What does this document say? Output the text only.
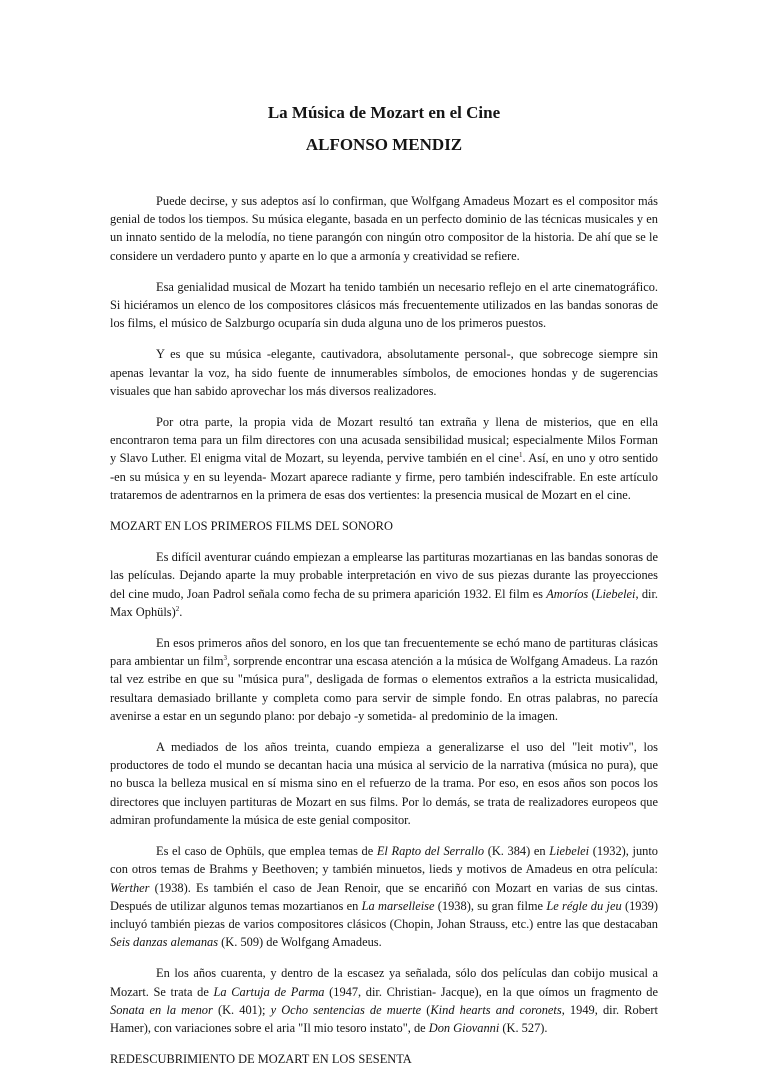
La Música de Mozart en el Cine
ALFONSO MENDIZ

Puede decirse, y sus adeptos así lo confirman, que Wolfgang Amadeus Mozart es el compositor más genial de todos los tiempos. Su música elegante, basada en un perfecto dominio de las técnicas musicales y en un innato sentido de la melodía, no tiene parangón con ningún otro compositor de la historia. De ahí que se le considere un verdadero punto y aparte en lo que a armonía y creatividad se refiere.

Esa genialidad musical de Mozart ha tenido también un necesario reflejo en el arte cinematográfico. Si hiciéramos un elenco de los compositores clásicos más frecuentemente utilizados en las bandas sonoras de los films, el músico de Salzburgo ocuparía sin duda alguna uno de los primeros puestos.

Y es que su música -elegante, cautivadora, absolutamente personal-, que sobrecoge siempre sin apenas levantar la voz, ha sido fuente de innumerables símbolos, de emociones hondas y de sugerencias visuales que han sabido aprovechar los más diversos realizadores.

Por otra parte, la propia vida de Mozart resultó tan extraña y llena de misterios, que en ella encontraron tema para un film directores con una acusada sensibilidad musical; especialmente Milos Forman y Slavo Luther. El enigma vital de Mozart, su leyenda, pervive también en el cine$^1$. Así, en uno y otro sentido -en su música y en su leyenda- Mozart aparece radiante y firme, pero también indescifrable. En este artículo trataremos de adentrarnos en la primera de esas dos vertientes: la presencia musical de Mozart en el cine.

MOZART EN LOS PRIMEROS FILMS DEL SONORO

Es difícil aventurar cuándo empiezan a emplearse las partituras mozartianas en las bandas sonoras de las películas. Dejando aparte la muy probable interpretación en vivo de sus piezas durante las proyecciones del cine mudo, Joan Padrol señala como fecha de su primera aparición 1932. El film es Amoríos (Liebelei, dir. Max Ophüls)$^2$.

En esos primeros años del sonoro, en los que tan frecuentemente se echó mano de partituras clásicas para ambientar un film$^3$, sorprende encontrar una escasa atención a la música de Wolfgang Amadeus. La razón tal vez estribe en que su "música pura", desligada de formas o elementos extraños a la estricta musicalidad, resultara demasiado brillante y completa como para servir de simple fondo. En otras palabras, no parecía avenirse a estar en un segundo plano: por debajo -y sometida- al predominio de la imagen.

A mediados de los años treinta, cuando empieza a generalizarse el uso del "leit motiv", los productores de todo el mundo se decantan hacia una música al servicio de la narrativa (música no pura), que no busca la belleza musical en sí misma sino en el refuerzo de la trama. Por eso, en esos años son pocos los directores que incluyen partituras de Mozart en sus films. Por lo demás, se trata de realizadores europeos que admiran profundamente la música de este genial compositor.

Es el caso de Ophüls, que emplea temas de El Rapto del Serrallo (K. 384) en Liebelei (1932), junto con otros temas de Brahms y Beethoven; y también minuetos, lieds y motivos de Amadeus en otra película: Werther (1938). Es también el caso de Jean Renoir, que se encariñó con Mozart en varias de sus cintas. Después de utilizar algunos temas mozartianos en La marselleise (1938), su gran filme Le régle du jeu (1939) incluyó también piezas de varios compositores clásicos (Chopin, Johan Strauss, etc.) entre las que destacaban Seis danzas alemanas (K. 509) de Wolfgang Amadeus.

En los años cuarenta, y dentro de la escasez ya señalada, sólo dos películas dan cobijo musical a Mozart. Se trata de La Cartuja de Parma (1947, dir. Christian- Jacque), en la que oímos un fragmento de Sonata en la menor (K. 401); y Ocho sentencias de muerte (Kind hearts and coronets, 1949, dir. Robert Hamer), con variaciones sobre el aria "Il mio tesoro instato", de Don Giovanni (K. 527).

REDESCUBRIMIENTO DE MOZART EN LOS SESENTA
